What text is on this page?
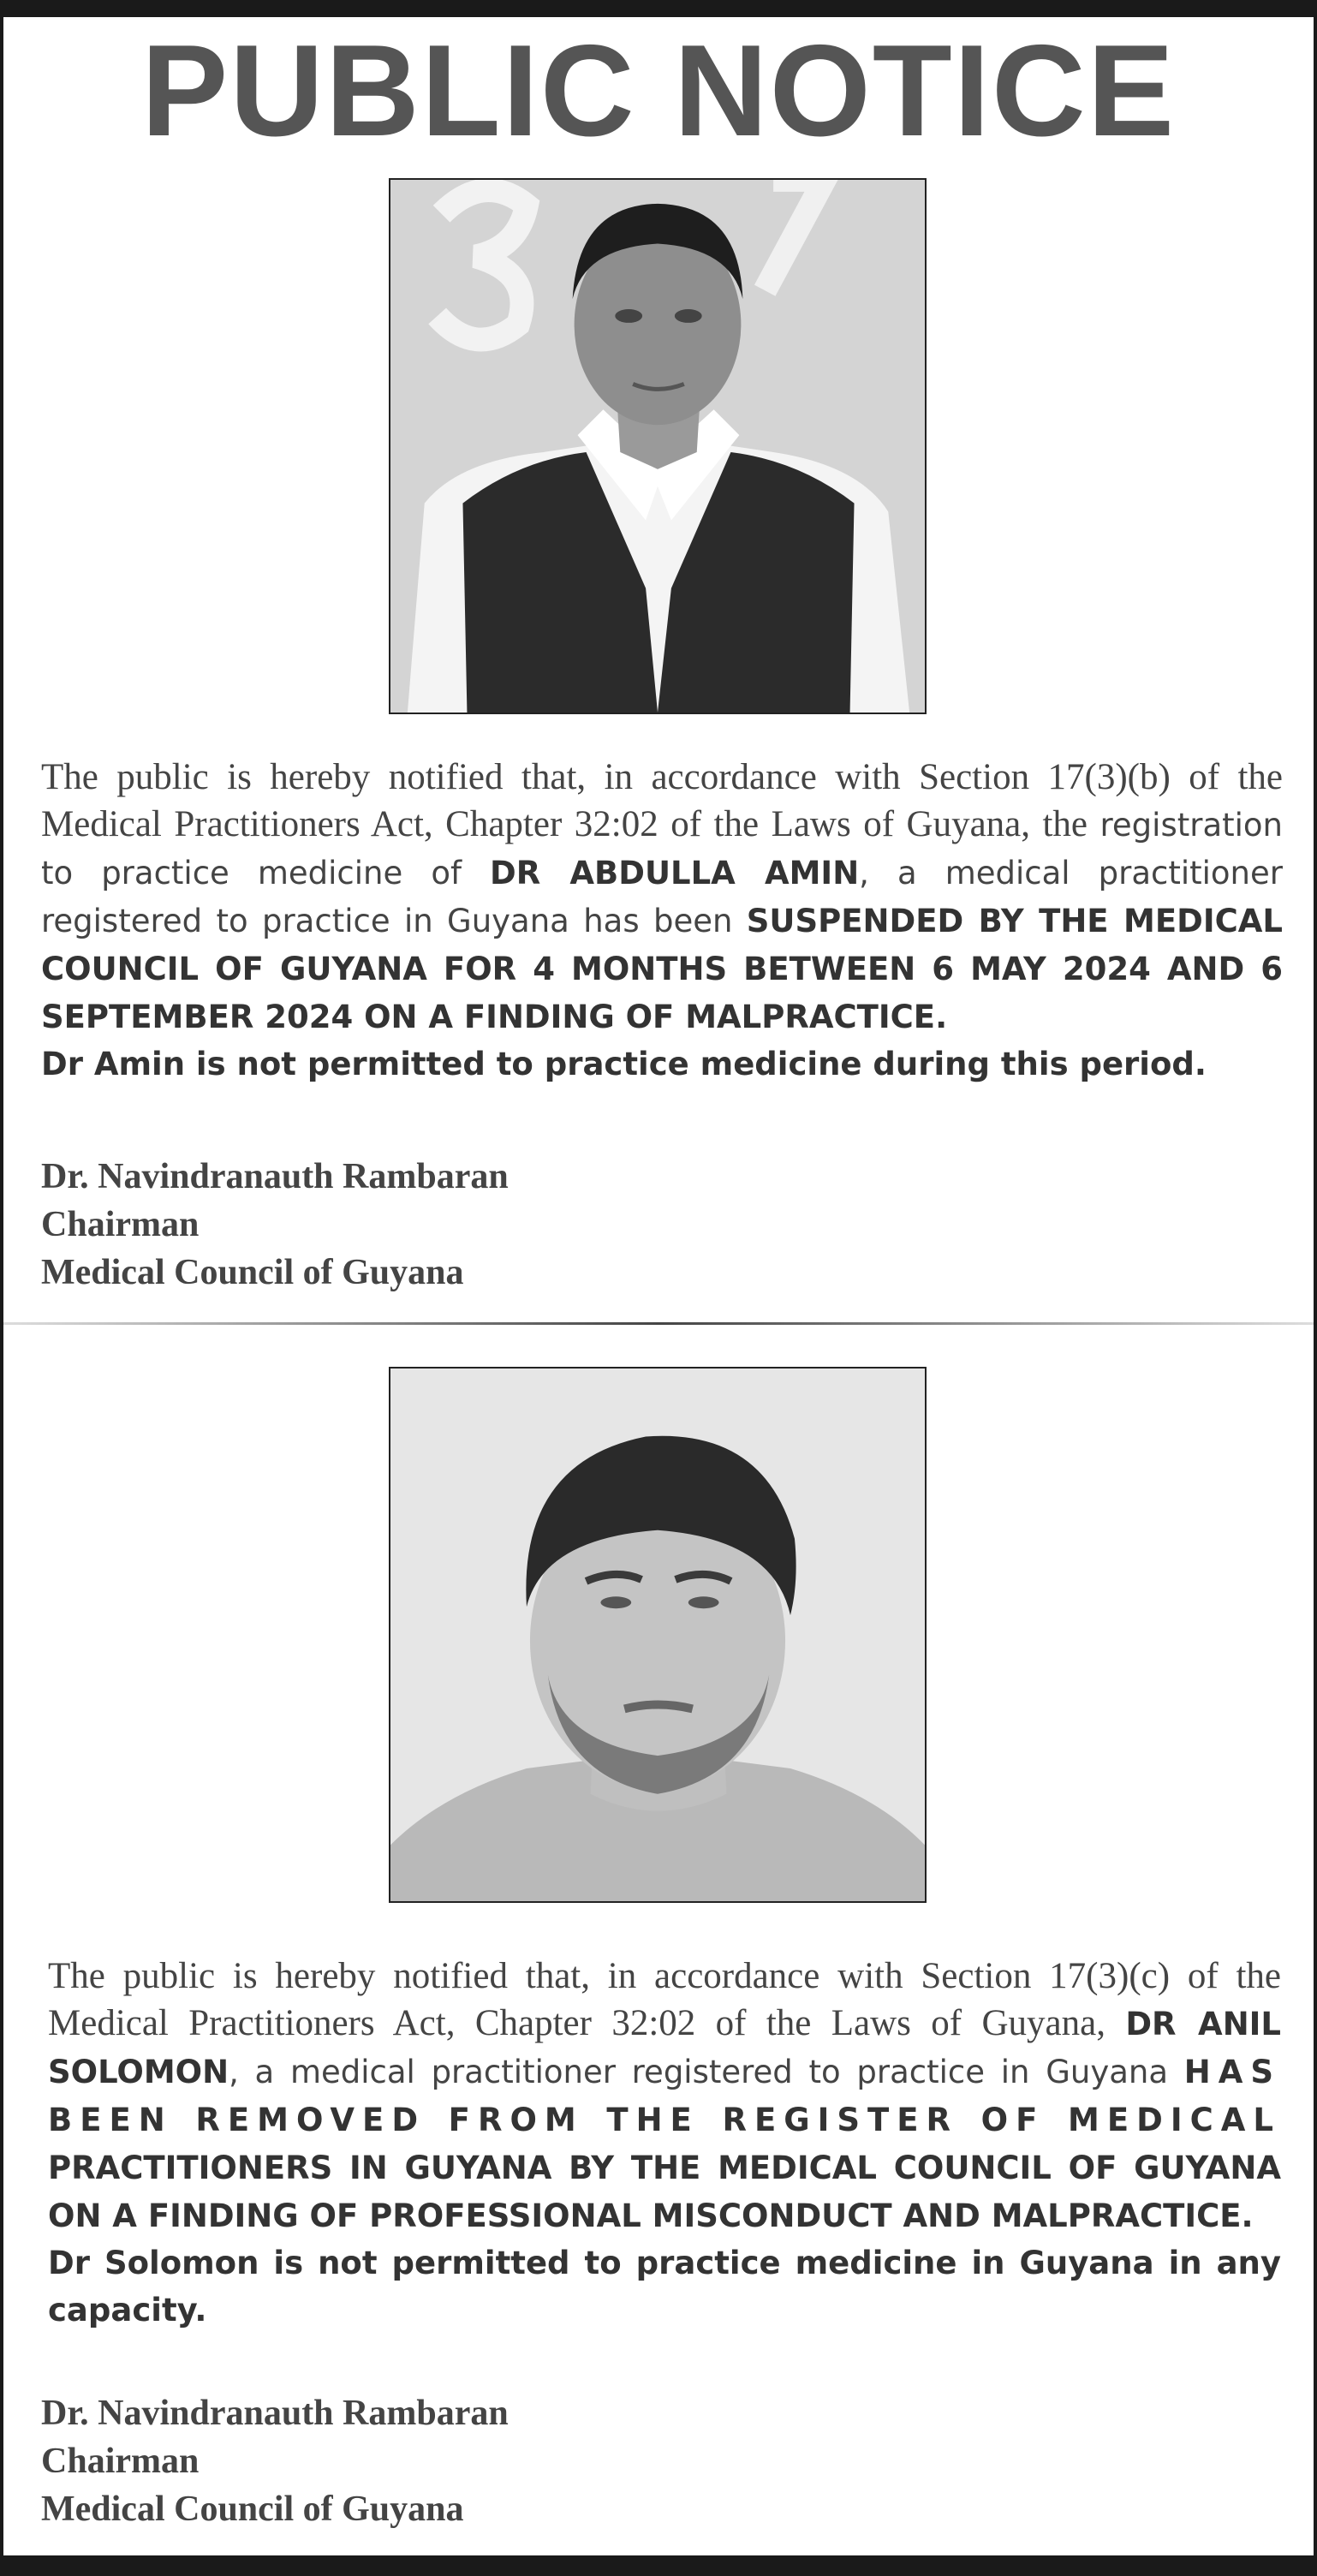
PUBLIC NOTICE
The public is hereby notified that, in accordance with Section 17(3)(b) of the Medical Practitioners Act, Chapter 32:02 of the Laws of Guyana, the registration to practice medicine of DR ABDULLA AMIN, a medical practitioner registered to practice in Guyana has been SUSPENDED BY THE MEDICAL COUNCIL OF GUYANA FOR 4 MONTHS BETWEEN 6 MAY 2024 AND 6 SEPTEMBER 2024 ON A FINDING OF MALPRACTICE.
Dr Amin is not permitted to practice medicine during this period.
Dr. Navindranauth Rambaran
Chairman
Medical Council of Guyana
The public is hereby notified that, in accordance with Section 17(3)(c) of the Medical Practitioners Act, Chapter 32:02 of the Laws of Guyana, DR ANIL SOLOMON, a medical practitioner registered to practice in Guyana HAS BEEN REMOVED FROM THE REGISTER OF MEDICAL PRACTITIONERS IN GUYANA BY THE MEDICAL COUNCIL OF GUYANA ON A FINDING OF PROFESSIONAL MISCONDUCT AND MALPRACTICE.
Dr Solomon is not permitted to practice medicine in Guyana in any capacity.
Dr. Navindranauth Rambaran
Chairman
Medical Council of Guyana
